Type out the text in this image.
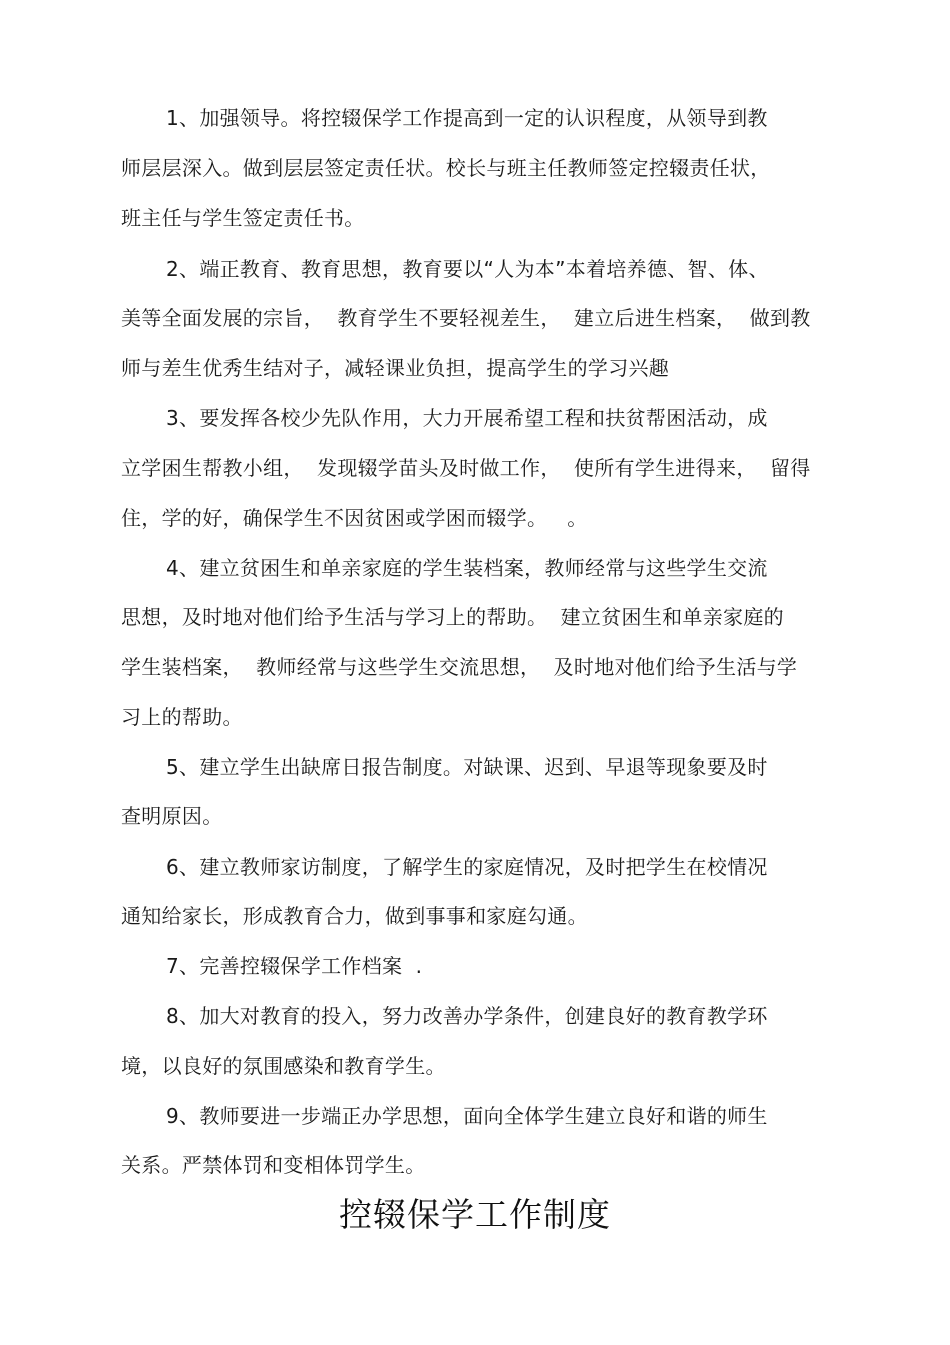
1、加强领导。将控辍保学工作提高到一定的认识程度，从领导到教
师层层深入。做到层层签定责任状。校长与班主任教师签定控辍责任状，
班主任与学生签定责任书。
2、端正教育、教育思想，教育要以“人为本”本着培养德、智、体、
美等全面发展的宗旨，  教育学生不要轻视差生，  建立后进生档案，  做到教
师与差生优秀生结对子，减轻课业负担，提高学生的学习兴趣
3、要发挥各校少先队作用，大力开展希望工程和扶贫帮困活动，成
立学困生帮教小组，  发现辍学苗头及时做工作，  使所有学生进得来，  留得
住，学的好，确保学生不因贫困或学困而辍学。   。
4、建立贫困生和单亲家庭的学生装档案，教师经常与这些学生交流
思想，及时地对他们给予生活与学习上的帮助。  建立贫困生和单亲家庭的
学生装档案，  教师经常与这些学生交流思想，  及时地对他们给予生活与学
习上的帮助。
5、建立学生出缺席日报告制度。对缺课、迟到、早退等现象要及时
查明原因。
6、建立教师家访制度，了解学生的家庭情况，及时把学生在校情况
通知给家长，形成教育合力，做到事事和家庭勾通。
7、完善控辍保学工作档案  .
8、加大对教育的投入，努力改善办学条件，创建良好的教育教学环
境，以良好的氛围感染和教育学生。
9、教师要进一步端正办学思想，面向全体学生建立良好和谐的师生
关系。严禁体罚和变相体罚学生。
控辍保学工作制度
